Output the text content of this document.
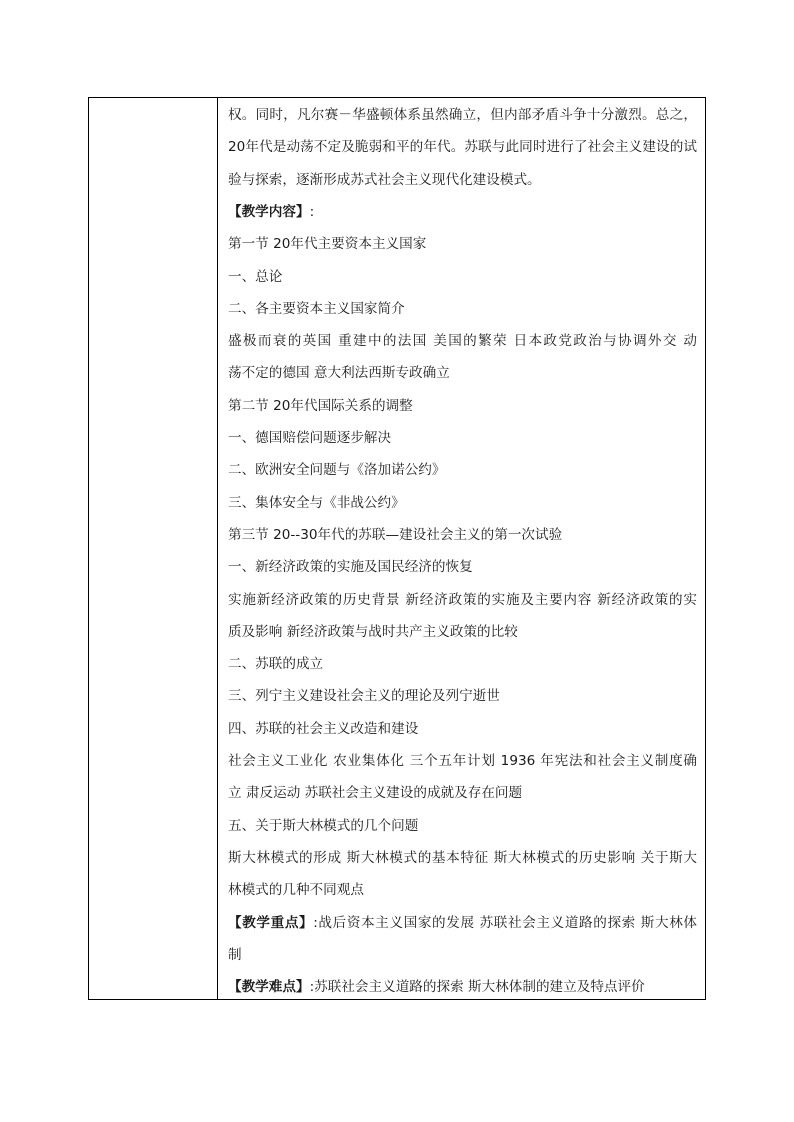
权。同时，凡尔赛－华盛顿体系虽然确立，但内部矛盾斗争十分激烈。总之，
20年代是动荡不定及脆弱和平的年代。苏联与此同时进行了社会主义建设的试
验与探索，逐渐形成苏式社会主义现代化建设模式。
【教学内容】:
第一节 20年代主要资本主义国家
一、总论
二、各主要资本主义国家简介
盛极而衰的英国 重建中的法国 美国的繁荣 日本政党政治与协调外交 动
荡不定的德国 意大利法西斯专政确立
第二节 20年代国际关系的调整
一、德国赔偿问题逐步解决
二、欧洲安全问题与《洛加诺公约》
三、集体安全与《非战公约》
第三节 20--30年代的苏联—建设社会主义的第一次试验
一、新经济政策的实施及国民经济的恢复
实施新经济政策的历史背景 新经济政策的实施及主要内容 新经济政策的实
质及影响 新经济政策与战时共产主义政策的比较
二、苏联的成立
三、列宁主义建设社会主义的理论及列宁逝世
四、苏联的社会主义改造和建设
社会主义工业化 农业集体化 三个五年计划 1936 年宪法和社会主义制度确
立 肃反运动 苏联社会主义建设的成就及存在问题
五、关于斯大林模式的几个问题
斯大林模式的形成 斯大林模式的基本特征 斯大林模式的历史影响 关于斯大
林模式的几种不同观点
【教学重点】:战后资本主义国家的发展 苏联社会主义道路的探索 斯大林体
制
【教学难点】:苏联社会主义道路的探索 斯大林体制的建立及特点评价
